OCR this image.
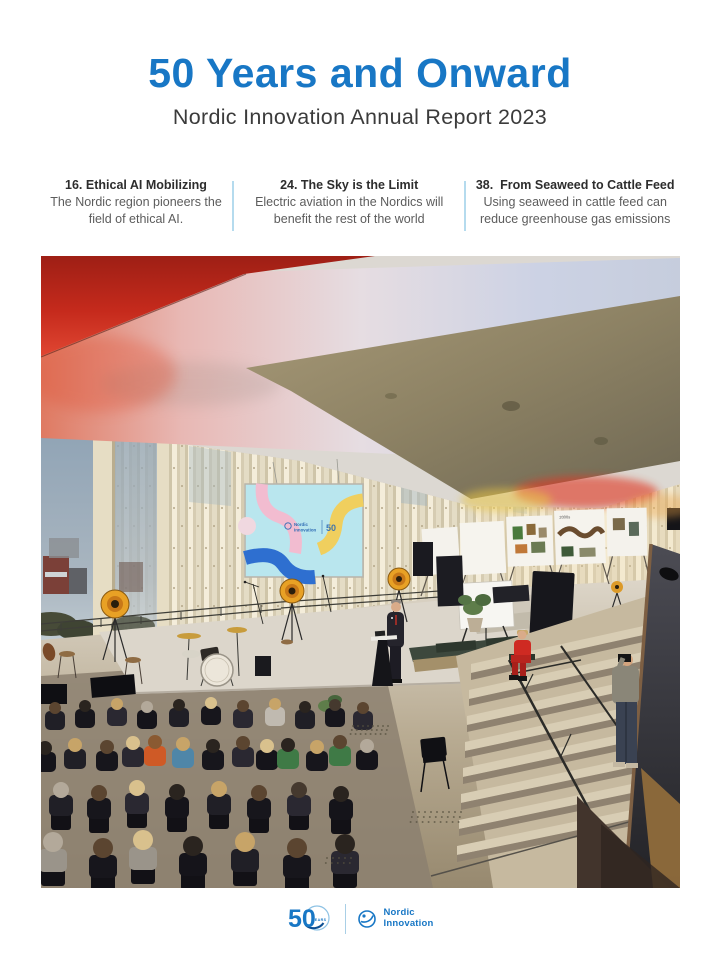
50 Years and Onward
Nordic Innovation Annual Report 2023
16. Ethical AI Mobilizing

The Nordic region pioneers the field of ethical AI.

24. The Sky is the Limit

Electric aviation in the Nordics will benefit the rest of the world

38.  From Seaweed to Cattle Feed

Using seaweed in cattle feed can reduce greenhouse gas emissions

Nordic
Innovation 50
2000s
50
YEARS
Nordic
Innovation
